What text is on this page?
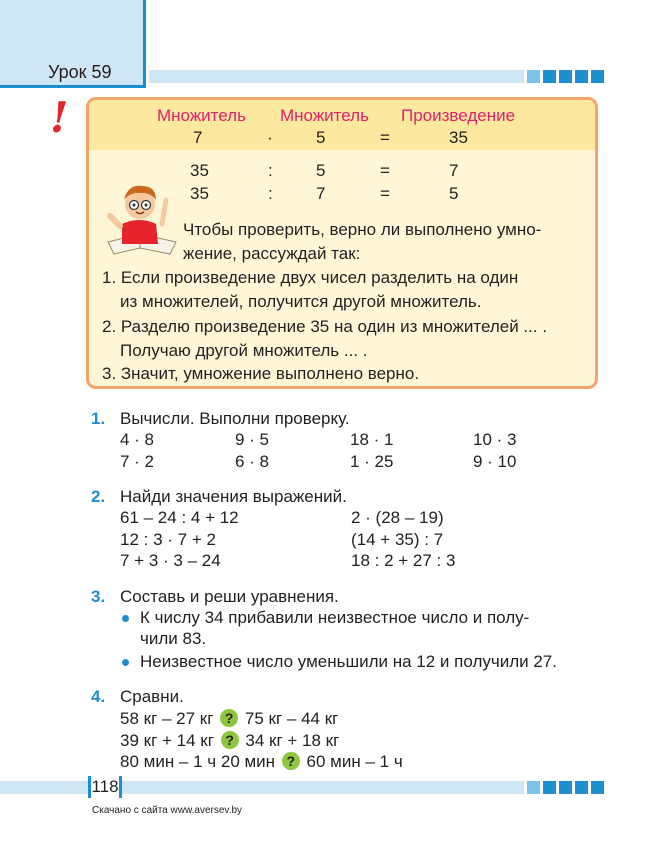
Урок 59
!	Множитель Множитель Произведение
7	·	5	=	35
35	:	5	=	7
35	:	7	=	5
Чтобы проверить, верно ли выполнено умно-
жение, рассуждай так:
1. Если произведение двух чисел разделить на один
из множителей, получится другой множитель.
2. Разделю произведение 35 на один из множителей ... .
Получаю другой множитель ... .
3. Значит, умножение выполнено верно.
1. Вычисли. Выполни проверку.
4 · 8	9 · 5	18 · 1	10 · 3
7 · 2	6 · 8	1 · 25	9 · 10
2. Найди значения выражений.
61 – 24 : 4 + 12	2 · (28 – 19)
12 : 3 · 7 + 2	(14 + 35) : 7
7 + 3 · 3 – 24	18 : 2 + 27 : 3
3. Составь и реши уравнения.
К числу 34 прибавили неизвестное число и полу-
чили 83.
Неизвестное число уменьшили на 12 и получили 27.
4. Сравни.
58 кг – 27 кг ? 75 кг – 44 кг
39 кг + 14 кг ? 34 кг + 18 кг
80 мин – 1 ч 20 мин ? 60 мин – 1 ч
118
Скачано с сайта www.aversev.by
